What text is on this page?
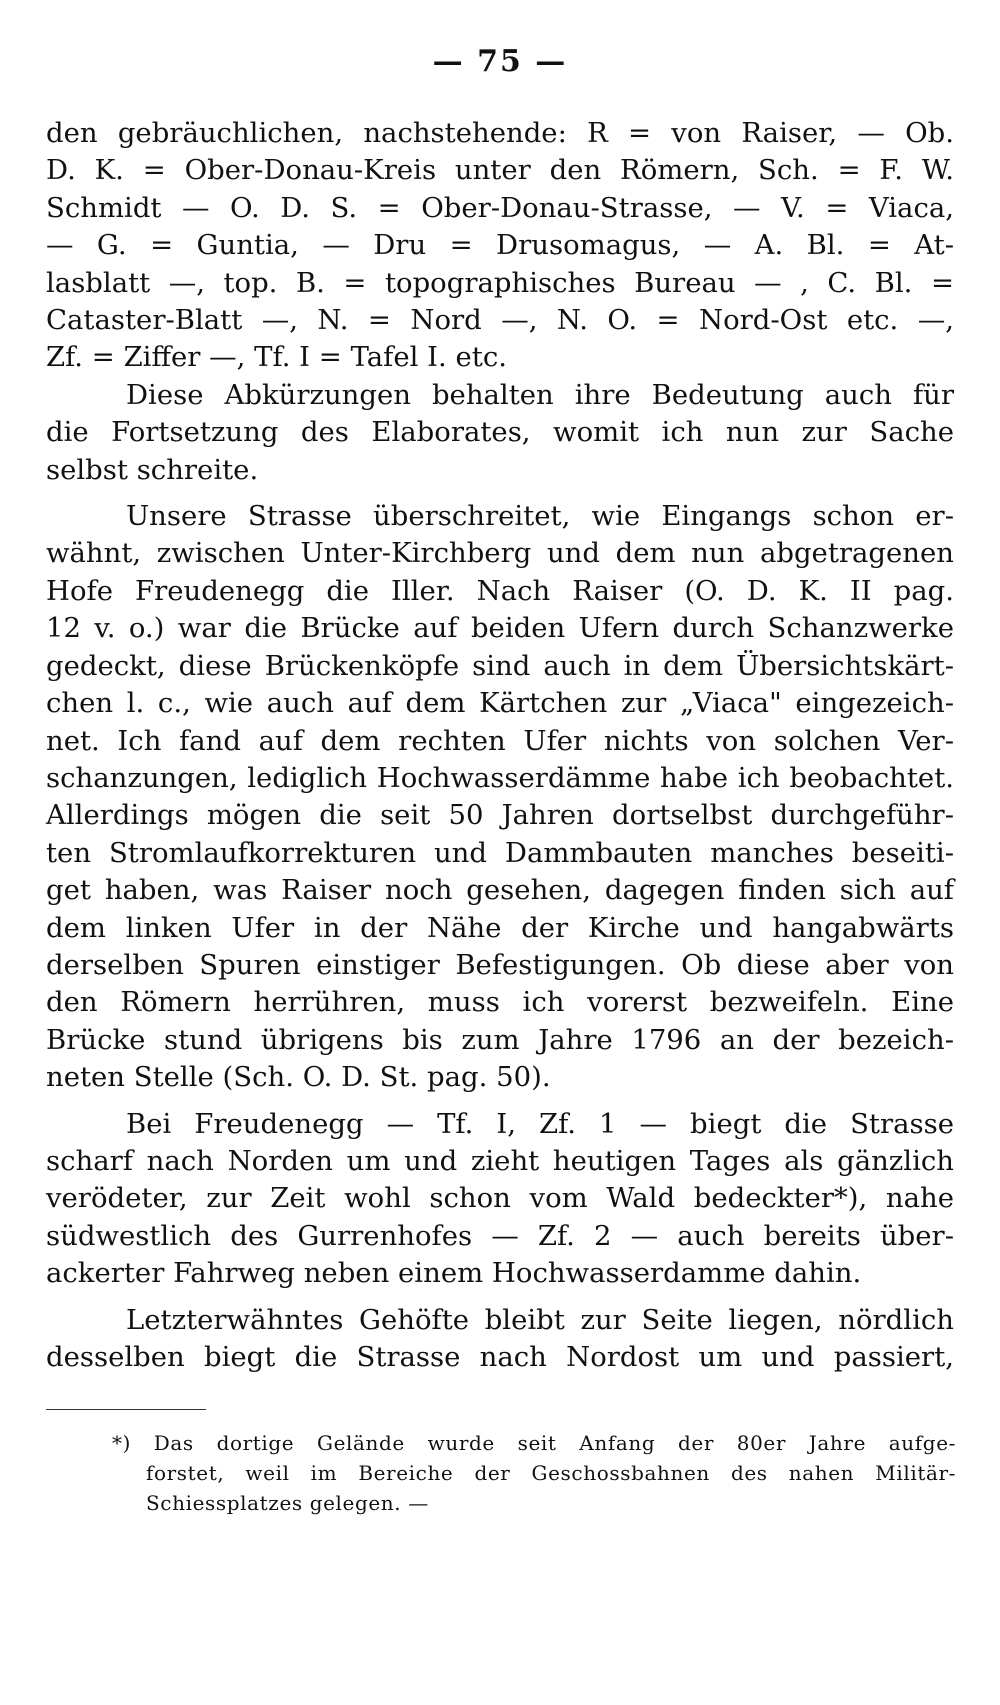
— 75 —
den gebräuchlichen, nachstehende: R = von Raiser, — Ob.
D. K. = Ober-Donau-Kreis unter den Römern, Sch. = F. W.
Schmidt — O. D. S. = Ober-Donau-Strasse, — V. = Viaca,
— G. = Guntia, — Dru = Drusomagus, — A. Bl. = At-
lasblatt —, top. B. = topographisches Bureau — , C. Bl. =
Cataster-Blatt —, N. = Nord —, N. O. = Nord-Ost etc. —,
Zf. = Ziffer —, Tf. I = Tafel I. etc.
Diese Abkürzungen behalten ihre Bedeutung auch für
die Fortsetzung des Elaborates, womit ich nun zur Sache
selbst schreite.
Unsere Strasse überschreitet, wie Eingangs schon er-
wähnt, zwischen Unter-Kirchberg und dem nun abgetragenen
Hofe Freudenegg die Iller. Nach Raiser (O. D. K. II pag.
12 v. o.) war die Brücke auf beiden Ufern durch Schanzwerke
gedeckt, diese Brückenköpfe sind auch in dem Übersichtskärt-
chen l. c., wie auch auf dem Kärtchen zur „Viaca" eingezeich-
net. Ich fand auf dem rechten Ufer nichts von solchen Ver-
schanzungen, lediglich Hochwasserdämme habe ich beobachtet.
Allerdings mögen die seit 50 Jahren dortselbst durchgeführ-
ten Stromlaufkorrekturen und Dammbauten manches beseiti-
get haben, was Raiser noch gesehen, dagegen finden sich auf
dem linken Ufer in der Nähe der Kirche und hangabwärts
derselben Spuren einstiger Befestigungen. Ob diese aber von
den Römern herrühren, muss ich vorerst bezweifeln. Eine
Brücke stund übrigens bis zum Jahre 1796 an der bezeich-
neten Stelle (Sch. O. D. St. pag. 50).
Bei Freudenegg — Tf. I, Zf. 1 — biegt die Strasse
scharf nach Norden um und zieht heutigen Tages als gänzlich
verödeter, zur Zeit wohl schon vom Wald bedeckter*), nahe
südwestlich des Gurrenhofes — Zf. 2 — auch bereits über-
ackerter Fahrweg neben einem Hochwasserdamme dahin.
Letzterwähntes Gehöfte bleibt zur Seite liegen, nördlich
desselben biegt die Strasse nach Nordost um und passiert,
*) Das dortige Gelände wurde seit Anfang der 80er Jahre aufge-
forstet, weil im Bereiche der Geschossbahnen des nahen Militär-
Schiessplatzes gelegen. —
